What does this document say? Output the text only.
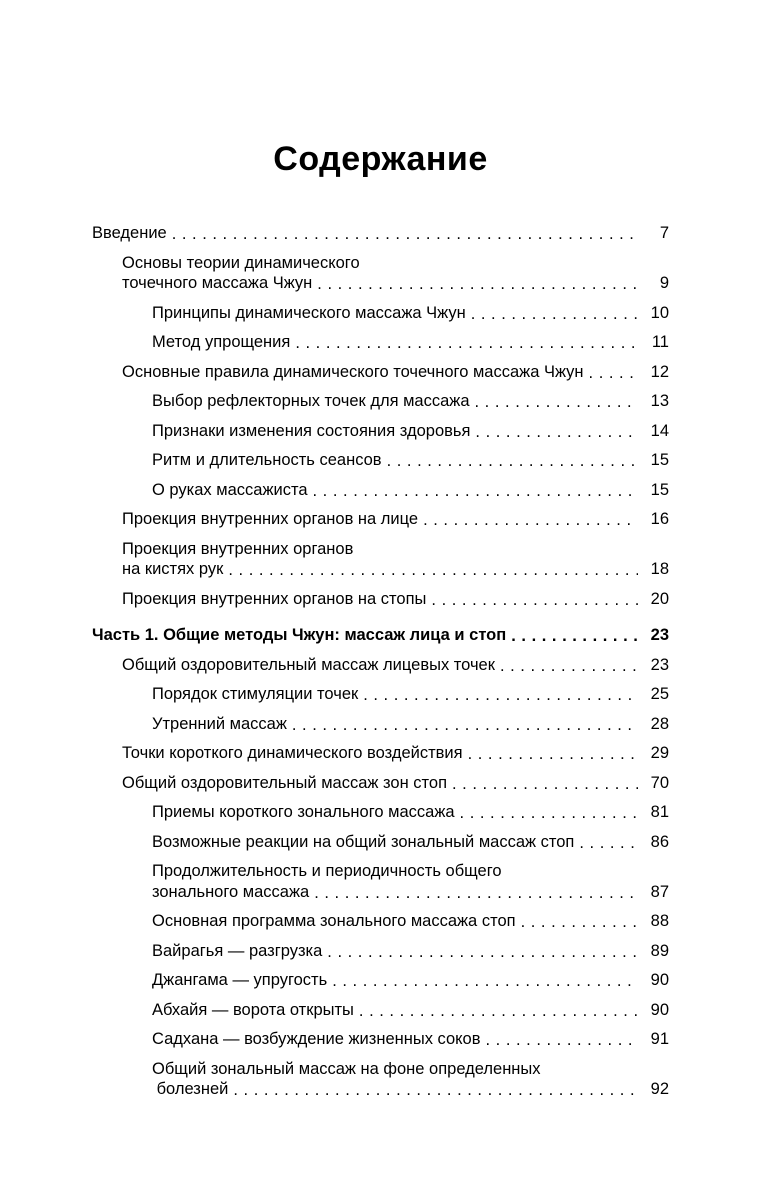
Содержание
Введение . . .	7
Основы теории динамического
точечного массажа Чжун . . .	9
Принципы динамического массажа Чжун . . .	10
Метод упрощения . . .	11
Основные правила динамического точечного массажа Чжун . . .	12
Выбор рефлекторных точек для массажа . . .	13
Признаки изменения состояния здоровья . . .	14
Ритм и длительность сеансов . . .	15
О руках массажиста . . .	15
Проекция внутренних органов на лице . . .	16
Проекция внутренних органов
на кистях рук . . .	18
Проекция внутренних органов на стопы . . .	20
Часть 1. Общие методы Чжун: массаж лица и стоп . . .	23
Общий оздоровительный массаж лицевых точек . . .	23
Порядок стимуляции точек . . .	25
Утренний массаж . . .	28
Точки короткого динамического воздействия . . .	29
Общий оздоровительный массаж зон стоп . . .	70
Приемы короткого зонального массажа . . .	81
Возможные реакции на общий зональный массаж стоп . . .	86
Продолжительность и периодичность общего
зонального массажа . . .	87
Основная программа зонального массажа стоп . . .	88
Вайрагья — разгрузка . . .	89
Джангама — упругость . . .	90
Абхайя — ворота открыты . . .	90
Садхана — возбуждение жизненных соков . . .	91
Общий зональный массаж на фоне определенных
болезней . . .	92
